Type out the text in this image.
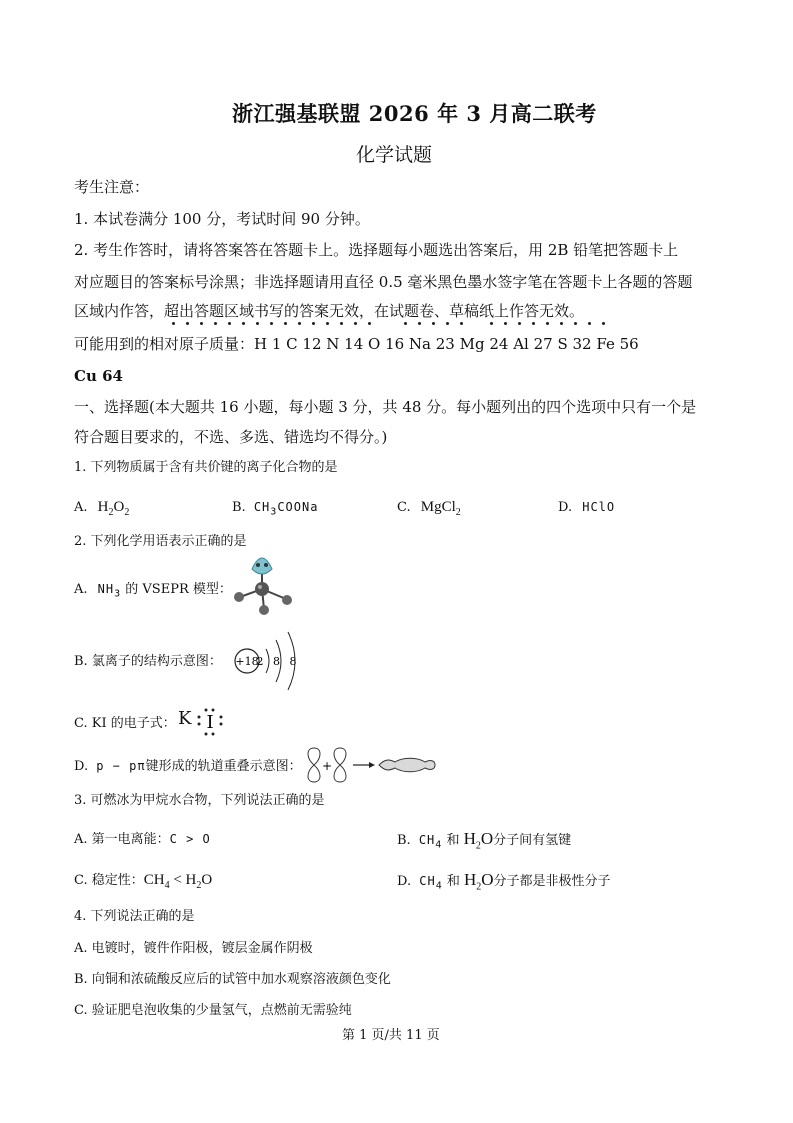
浙江强基联盟 2026 年 3 月高二联考
化学试题
考生注意：
1. 本试卷满分 100 分，考试时间 90 分钟。
2. 考生作答时，请将答案答在答题卡上。选择题每小题选出答案后，用 2B 铅笔把答题卡上
对应题目的答案标号涂黑；非选择题请用直径 0.5 毫米黑色墨水签字笔在答题卡上各题的答题
区域内作答，超出答题区域书写的答案无效，在试题卷、草稿纸上作答无效。
可能用到的相对原子质量：H 1 C 12 N 14 O 16 Na 23 Mg 24 Al 27 S 32 Fe 56
Cu 64
一、选择题(本大题共 16 小题，每小题 3 分，共 48 分。每小题列出的四个选项中只有一个是
符合题目要求的，不选、多选、错选均不得分。)
1. 下列物质属于含有共价键的离子化合物的是
A. $H_2O_2$	B. $CH_3COONa$	C. MgCl$_2$	D. HClO
2. 下列化学用语表示正确的是
A. $NH_3$ 的 VSEPR 模型：
B. 氯离子的结构示意图： +18
2 8 8
C. KI 的电子式： K I
D. p − pπ键形成的轨道重叠示意图： +
3. 可燃冰为甲烷水合物，下列说法正确的是
A. 第一电离能：C > O	B. $CH_4$ 和 $H_2O$分子间有氢键
C. 稳定性：$CH_4 < H_2O$	D. $CH_4$ 和 $H_2O$分子都是非极性分子
4. 下列说法正确的是
A. 电镀时，镀件作阳极，镀层金属作阴极
B. 向铜和浓硫酸反应后的试管中加水观察溶液颜色变化
C. 验证肥皂泡收集的少量氢气，点燃前无需验纯
第 1 页/共 11 页
